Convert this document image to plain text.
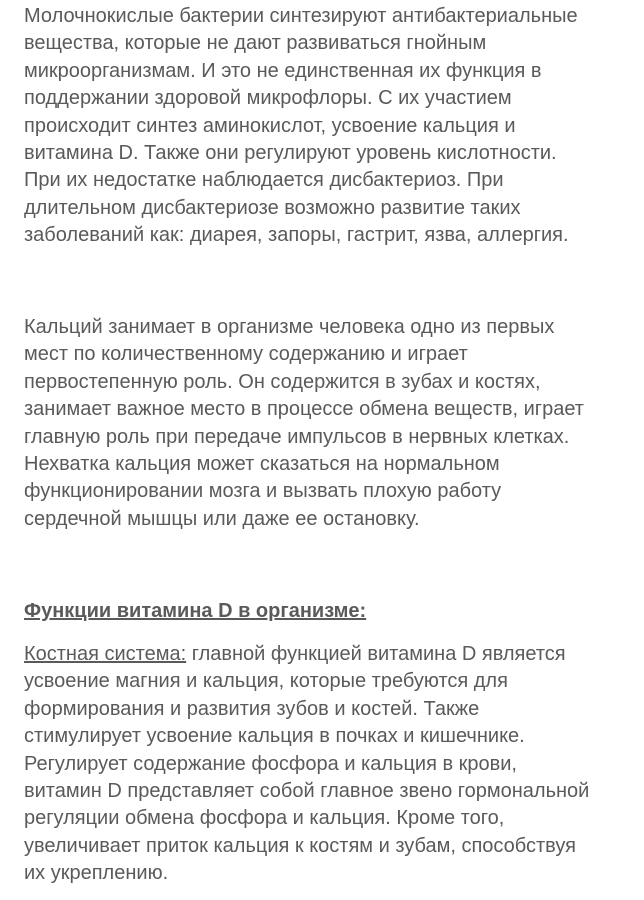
Молочнокислые бактерии синтезируют антибактериальные
вещества, которые не дают развиваться гнойным
микроорганизмам. И это не единственная их функция в
поддержании здоровой микрофлоры. С их участием
происходит синтез аминокислот, усвоение кальция и
витамина D. Также они регулируют уровень кислотности.
При их недостатке наблюдается дисбактериоз. При
длительном дисбактериозе возможно развитие таких
заболеваний как: диарея, запоры, гастрит, язва, аллергия.

Кальций занимает в организме человека одно из первых
мест по количественному содержанию и играет
первостепенную роль. Он содержится в зубах и костях,
занимает важное место в процессе обмена веществ, играет
главную роль при передаче импульсов в нервных клетках.
Нехватка кальция может сказаться на нормальном
функционировании мозга и вызвать плохую работу
сердечной мышцы или даже ее остановку.

Функции витамина D в организме:

Костная система: главной функцией витамина D является
усвоение магния и кальция, которые требуются для
формирования и развития зубов и костей. Также
стимулирует усвоение кальция в почках и кишечнике.
Регулирует содержание фосфора и кальция в крови,
витамин D представляет собой главное звено гормональной
регуляции обмена фосфора и кальция. Кроме того,
увеличивает приток кальция к костям и зубам, способствуя
их укреплению.
